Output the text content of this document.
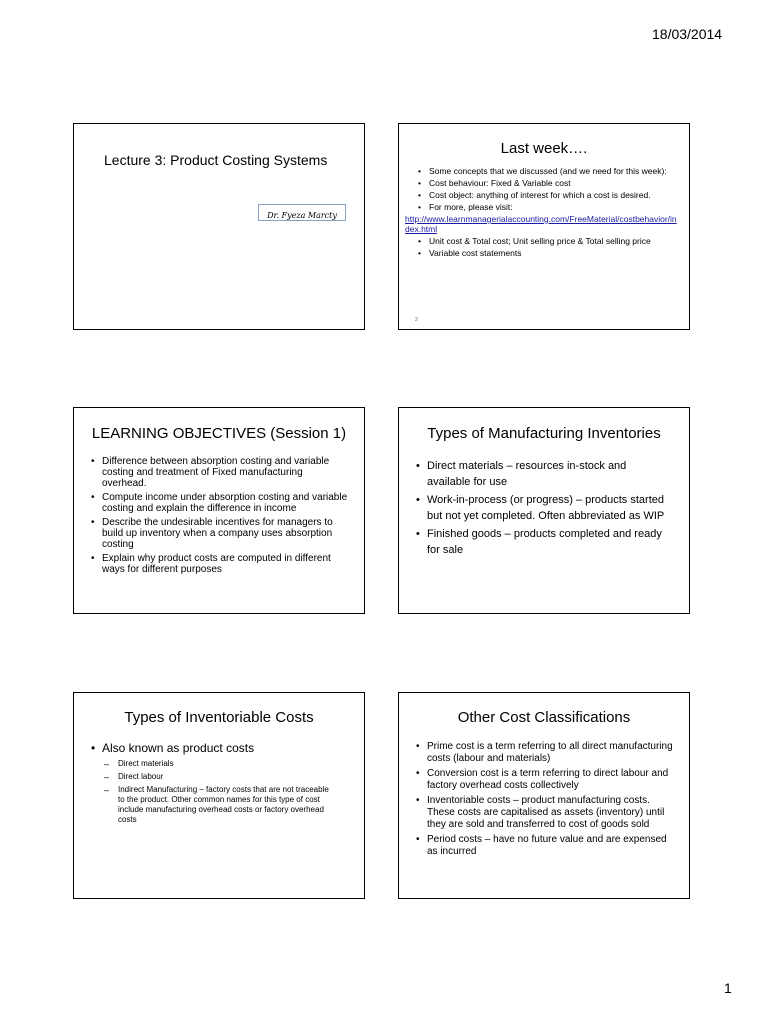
18/03/2014
Lecture 3: Product Costing Systems
Dr. Fyeza Marcty
Last week….
• Some concepts that we discussed (and we need for this week):
• Cost behaviour: Fixed & Variable cost
• Cost object: anything of interest for which a cost is desired.
• For more, please visit:
http://www.learnmanagerialaccounting.com/FreeMaterial/costbehavior/index.html
• Unit cost & Total cost; Unit selling price & Total selling price
• Variable cost statements
2
LEARNING OBJECTIVES (Session 1)
• Difference between absorption costing and variable costing and treatment of Fixed manufacturing overhead.
• Compute income under absorption costing and variable costing and explain the difference in income
• Describe the undesirable incentives for managers to build up inventory when a company uses absorption costing
• Explain why product costs are computed in different ways for different purposes
Types of Manufacturing Inventories
• Direct materials – resources in-stock and available for use
• Work-in-process (or progress) – products started but not yet completed. Often abbreviated as WIP
• Finished goods – products completed and ready for sale
Types of Inventoriable Costs
• Also known as product costs
– Direct materials
– Direct labour
– Indirect Manufacturing – factory costs that are not traceable to the product. Other common names for this type of cost include manufacturing overhead costs or factory overhead costs
Other Cost Classifications
• Prime cost is a term referring to all direct manufacturing costs (labour and materials)
• Conversion cost is a term referring to direct labour and factory overhead costs collectively
• Inventoriable costs – product manufacturing costs. These costs are capitalised as assets (inventory) until they are sold and transferred to cost of goods sold
• Period costs – have no future value and are expensed as incurred
1
